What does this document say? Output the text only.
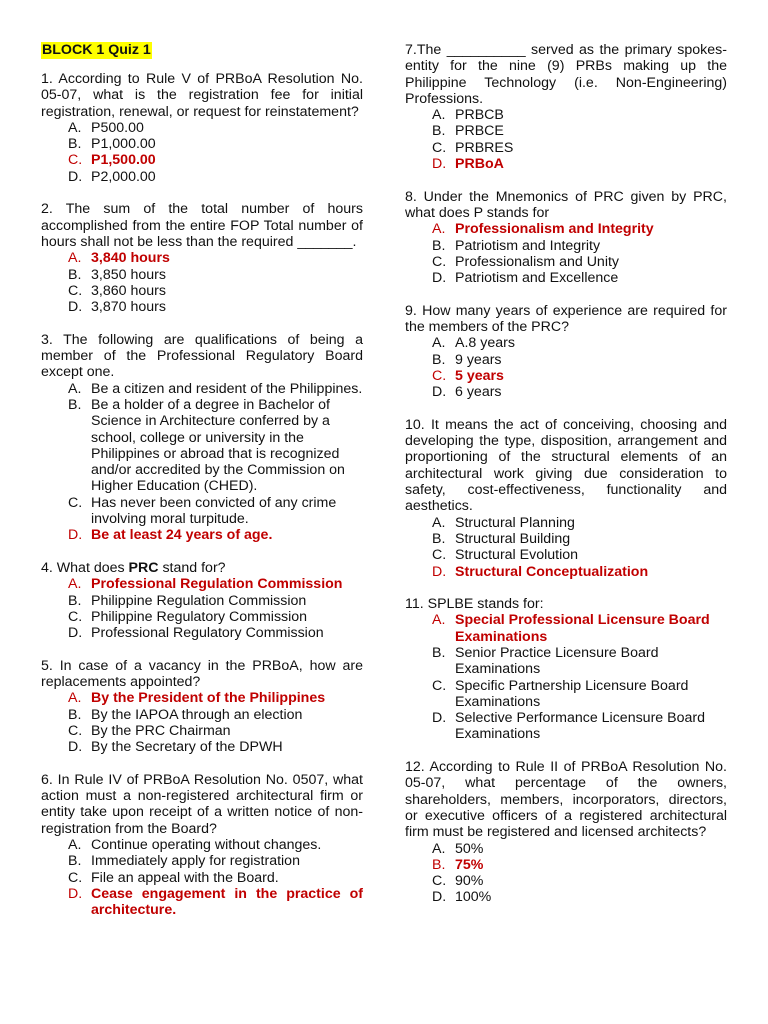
BLOCK 1 Quiz 1

1. According to Rule V of PRBoA Resolution No. 05-07, what is the registration fee for initial registration, renewal, or request for reinstatement?

A. P500.00
B. P1,000.00
C. P1,500.00
D. P2,000.00

2. The sum of the total number of hours accomplished from the entire FOP Total number of hours shall not be less than the required _______.

A. 3,840 hours
B. 3,850 hours
C. 3,860 hours
D. 3,870 hours

3. The following are qualifications of being a member of the Professional Regulatory Board except one.

A. Be a citizen and resident of the Philippines.
B. Be a holder of a degree in Bachelor of Science in Architecture conferred by a school, college or university in the Philippines or abroad that is recognized and/or accredited by the Commission on Higher Education (CHED).
C. Has never been convicted of any crime involving moral turpitude.
D. Be at least 24 years of age.

4. What does PRC stand for?

A. Professional Regulation Commission
B. Philippine Regulation Commission
C. Philippine Regulatory Commission
D. Professional Regulatory Commission

5. In case of a vacancy in the PRBoA, how are replacements appointed?

A. By the President of the Philippines
B. By the IAPOA through an election
C. By the PRC Chairman
D. By the Secretary of the DPWH

6. In Rule IV of PRBoA Resolution No. 0507, what action must a non-registered architectural firm or entity take upon receipt of a written notice of non-registration from the Board?

A. Continue operating without changes.
B. Immediately apply for registration
C. File an appeal with the Board.
D. Cease engagement in the practice of architecture.

7.The __________ served as the primary spokes-entity for the nine (9) PRBs making up the Philippine Technology (i.e. Non-Engineering) Professions.

A. PRBCB
B. PRBCE
C. PRBRES
D. PRBoA

8. Under the Mnemonics of PRC given by PRC, what does P stands for

A. Professionalism and Integrity
B. Patriotism and Integrity
C. Professionalism and Unity
D. Patriotism and Excellence

9. How many years of experience are required for the members of the PRC?

A. A.8 years
B. 9 years
C. 5 years
D. 6 years

10. It means the act of conceiving, choosing and developing the type, disposition, arrangement and proportioning of the structural elements of an architectural work giving due consideration to safety, cost-effectiveness, functionality and aesthetics.

A. Structural Planning
B. Structural Building
C. Structural Evolution
D. Structural Conceptualization

11. SPLBE stands for:

A. Special Professional Licensure Board Examinations
B. Senior Practice Licensure Board Examinations
C. Specific Partnership Licensure Board Examinations
D. Selective Performance Licensure Board Examinations

12. According to Rule II of PRBoA Resolution No. 05-07, what percentage of the owners, shareholders, members, incorporators, directors, or executive officers of a registered architectural firm must be registered and licensed architects?

A. 50%
B. 75%
C. 90%
D. 100%
